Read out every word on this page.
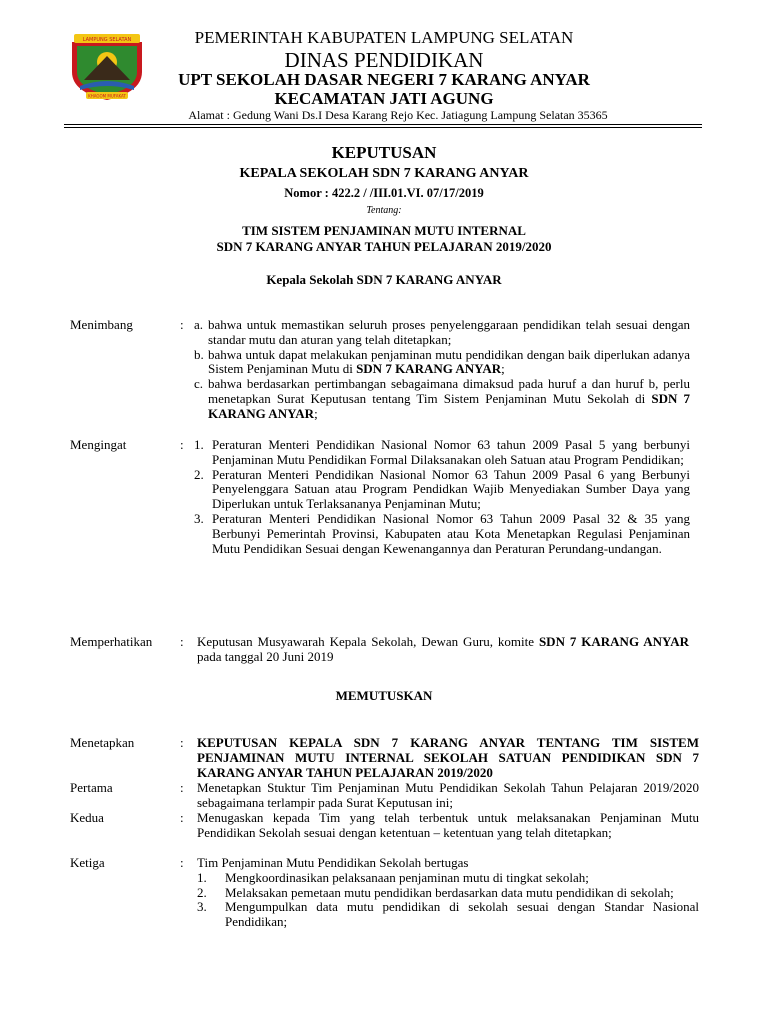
LAMPUNG SELATAN
KHAGOM MUFAKAT
PEMERINTAH KABUPATEN LAMPUNG SELATAN
DINAS PENDIDIKAN
UPT SEKOLAH DASAR NEGERI 7 KARANG ANYAR
KECAMATAN JATI AGUNG
Alamat : Gedung Wani Ds.I Desa Karang Rejo Kec. Jatiagung Lampung Selatan 35365
KEPUTUSAN
KEPALA SEKOLAH SDN 7 KARANG ANYAR
Nomor : 422.2 / /III.01.VI. 07/17/2019
Tentang:
TIM SISTEM PENJAMINAN MUTU INTERNAL
SDN 7 KARANG ANYAR TAHUN PELAJARAN 2019/2020
Kepala Sekolah SDN 7 KARANG ANYAR
Menimbang	: a. bahwa untuk memastikan seluruh proses penyelenggaraan pendidikan telah sesuai dengan standar mutu dan aturan yang telah ditetapkan;
b. bahwa untuk dapat melakukan penjaminan mutu pendidikan dengan baik diperlukan adanya Sistem Penjaminan Mutu di SDN 7 KARANG ANYAR;
c. bahwa berdasarkan pertimbangan sebagaimana dimaksud pada huruf a dan huruf b, perlu menetapkan Surat Keputusan tentang Tim Sistem Penjaminan Mutu Sekolah di SDN 7 KARANG ANYAR;
Mengingat	: 1. Peraturan Menteri Pendidikan Nasional Nomor 63 tahun 2009 Pasal 5 yang berbunyi Penjaminan Mutu Pendidikan Formal Dilaksanakan oleh Satuan atau Program Pendidikan;
2. Peraturan Menteri Pendidikan Nasional Nomor 63 Tahun 2009 Pasal 6 yang Berbunyi Penyelenggara Satuan atau Program Pendidkan Wajib Menyediakan Sumber Daya yang Diperlukan untuk Terlaksananya Penjaminan Mutu;
3. Peraturan Menteri Pendidikan Nasional Nomor 63 Tahun 2009 Pasal 32 & 35 yang Berbunyi Pemerintah Provinsi, Kabupaten atau Kota Menetapkan Regulasi Penjaminan Mutu Pendidikan Sesuai dengan Kewenangannya dan Peraturan Perundang-undangan.
Memperhatikan : Keputusan Musyawarah Kepala Sekolah, Dewan Guru, komite SDN 7 KARANG ANYAR pada tanggal 20 Juni 2019
MEMUTUSKAN
Menetapkan	: KEPUTUSAN KEPALA SDN 7 KARANG ANYAR TENTANG TIM SISTEM PENJAMINAN MUTU INTERNAL SEKOLAH SATUAN PENDIDIKAN SDN 7 KARANG ANYAR TAHUN PELAJARAN 2019/2020
Pertama	: Menetapkan Stuktur Tim Penjaminan Mutu Pendidikan Sekolah Tahun Pelajaran 2019/2020 sebagaimana terlampir pada Surat Keputusan ini;
Kedua	: Menugaskan kepada Tim yang telah terbentuk untuk melaksanakan Penjaminan Mutu Pendidikan Sekolah sesuai dengan ketentuan – ketentuan yang telah ditetapkan;
Ketiga	: Tim Penjaminan Mutu Pendidikan Sekolah bertugas
1. Mengkoordinasikan pelaksanaan penjaminan mutu di tingkat sekolah;
2. Melaksakan pemetaan mutu pendidikan berdasarkan data mutu pendidikan di sekolah;
3. Mengumpulkan data mutu pendidikan di sekolah sesuai dengan Standar Nasional Pendidikan;
